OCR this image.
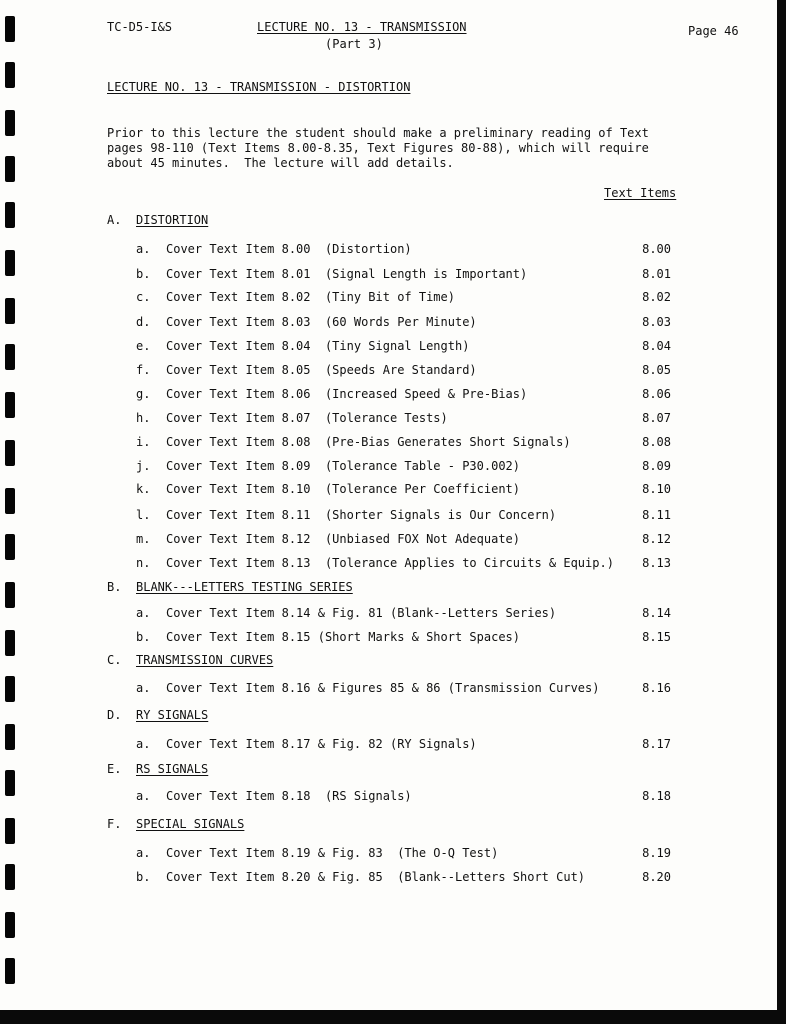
TC-D5-I&S	LECTURE NO. 13 - TRANSMISSION
(Part 3)
Page 46
LECTURE NO. 13 - TRANSMISSION - DISTORTION
Prior to this lecture the student should make a preliminary reading of Text
pages 98-110 (Text Items 8.00-8.35, Text Figures 80-88), which will require
about 45 minutes.  The lecture will add details.
Text Items
A. DISTORTION
a. Cover Text Item 8.00  (Distortion)	8.00
b. Cover Text Item 8.01  (Signal Length is Important)	8.01
c. Cover Text Item 8.02  (Tiny Bit of Time)	8.02
d. Cover Text Item 8.03  (60 Words Per Minute)	8.03
e. Cover Text Item 8.04  (Tiny Signal Length)	8.04
f. Cover Text Item 8.05  (Speeds Are Standard)	8.05
g. Cover Text Item 8.06  (Increased Speed & Pre-Bias)	8.06
h. Cover Text Item 8.07  (Tolerance Tests)	8.07
i. Cover Text Item 8.08  (Pre-Bias Generates Short Signals)	8.08
j. Cover Text Item 8.09  (Tolerance Table - P30.002)	8.09
k. Cover Text Item 8.10  (Tolerance Per Coefficient)	8.10
l. Cover Text Item 8.11  (Shorter Signals is Our Concern)	8.11
m. Cover Text Item 8.12  (Unbiased FOX Not Adequate)	8.12
n. Cover Text Item 8.13  (Tolerance Applies to Circuits & Equip.)	8.13
B. BLANK---LETTERS TESTING SERIES
a. Cover Text Item 8.14 & Fig. 81 (Blank--Letters Series)	8.14
b. Cover Text Item 8.15 (Short Marks & Short Spaces)	8.15
C. TRANSMISSION CURVES
a. Cover Text Item 8.16 & Figures 85 & 86 (Transmission Curves)	8.16
D. RY SIGNALS
a. Cover Text Item 8.17 & Fig. 82 (RY Signals)	8.17
E. RS SIGNALS
a. Cover Text Item 8.18  (RS Signals)	8.18
F. SPECIAL SIGNALS
a. Cover Text Item 8.19 & Fig. 83  (The O-Q Test)	8.19
b. Cover Text Item 8.20 & Fig. 85  (Blank--Letters Short Cut)	8.20
